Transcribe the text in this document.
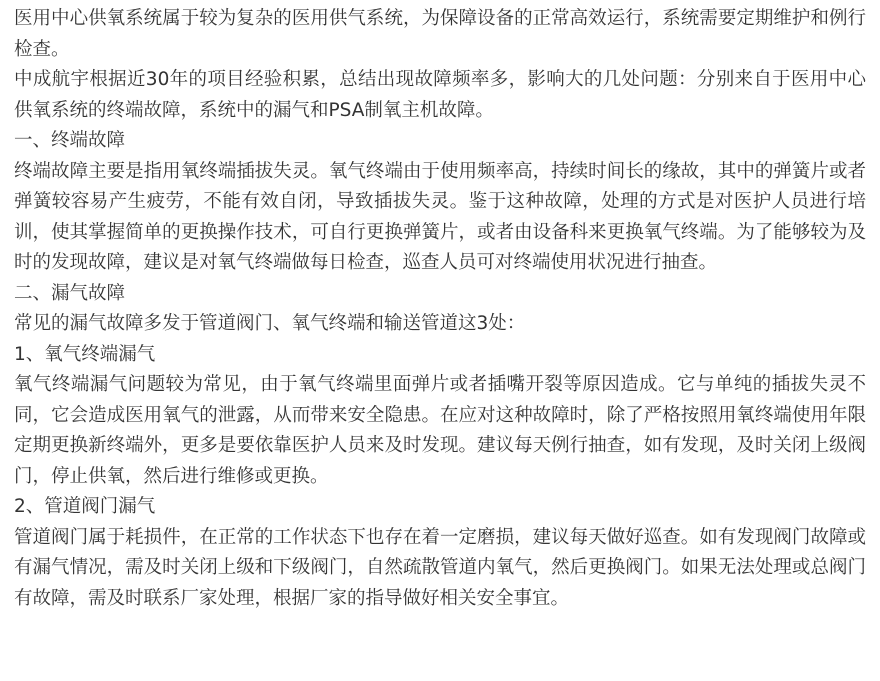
医用中心供氧系统属于较为复杂的医用供气系统，为保障设备的正常高效运行，系统需要定期维护和例行检查。

中成航宇根据近30年的项目经验积累，总结出现故障频率多，影响大的几处问题：分别来自于医用中心供氧系统的终端故障，系统中的漏气和PSA制氧主机故障。

一、终端故障

终端故障主要是指用氧终端插拔失灵。氧气终端由于使用频率高，持续时间长的缘故，其中的弹簧片或者弹簧较容易产生疲劳，不能有效自闭，导致插拔失灵。鉴于这种故障，处理的方式是对医护人员进行培训，使其掌握简单的更换操作技术，可自行更换弹簧片，或者由设备科来更换氧气终端。为了能够较为及时的发现故障，建议是对氧气终端做每日检查，巡查人员可对终端使用状况进行抽查。

二、漏气故障

常见的漏气故障多发于管道阀门、氧气终端和输送管道这3处：

1、氧气终端漏气

氧气终端漏气问题较为常见，由于氧气终端里面弹片或者插嘴开裂等原因造成。它与单纯的插拔失灵不同，它会造成医用氧气的泄露，从而带来安全隐患。在应对这种故障时，除了严格按照用氧终端使用年限定期更换新终端外，更多是要依靠医护人员来及时发现。建议每天例行抽查，如有发现，及时关闭上级阀门，停止供氧，然后进行维修或更换。

2、管道阀门漏气

管道阀门属于耗损件，在正常的工作状态下也存在着一定磨损，建议每天做好巡查。如有发现阀门故障或有漏气情况，需及时关闭上级和下级阀门，自然疏散管道内氧气，然后更换阀门。如果无法处理或总阀门有故障，需及时联系厂家处理，根据厂家的指导做好相关安全事宜。
